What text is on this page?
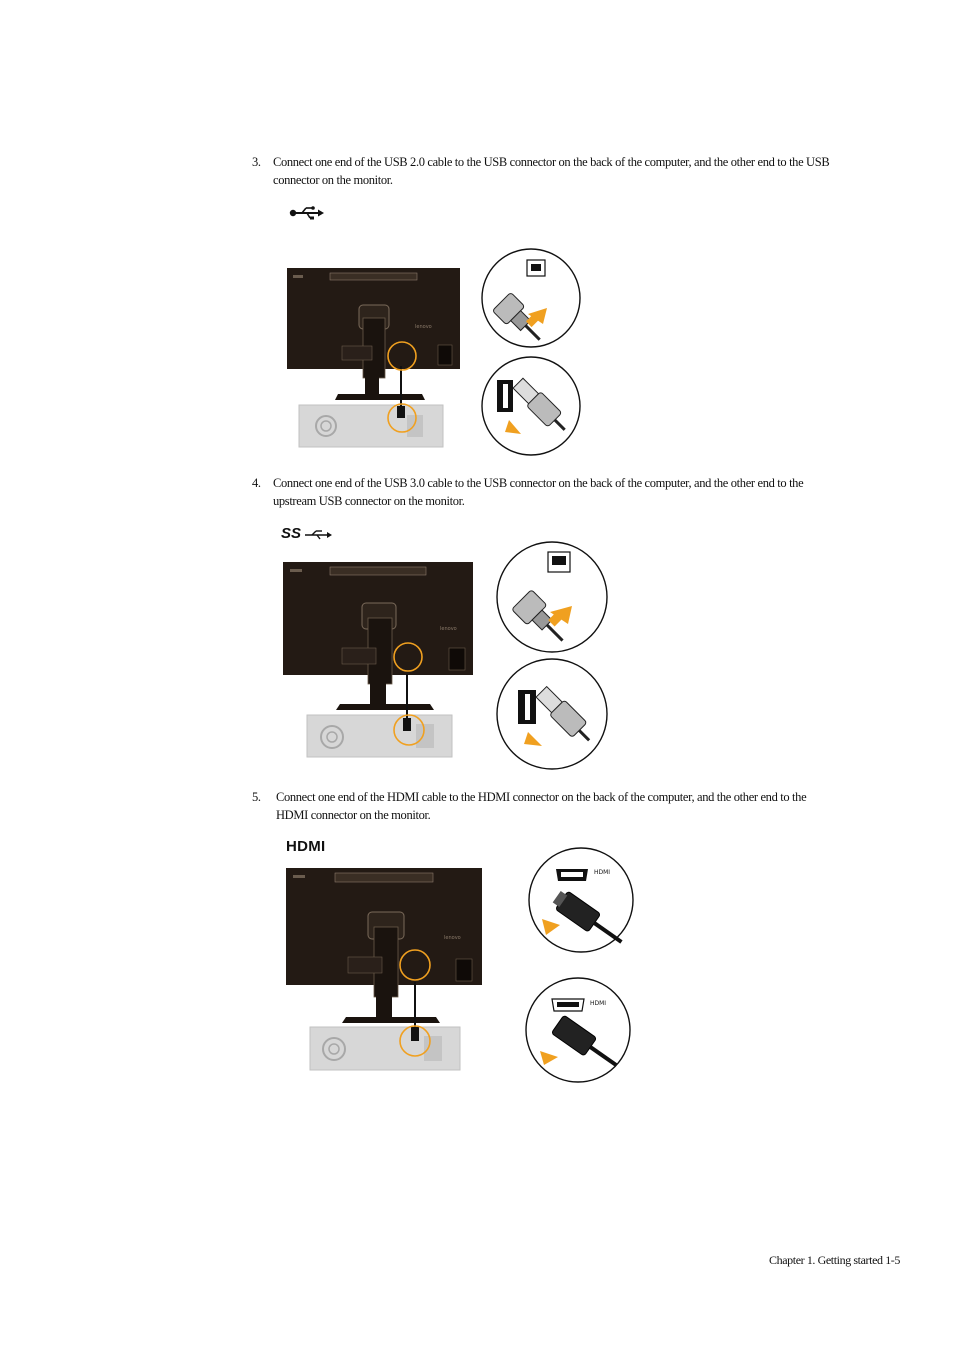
3. Connect one end of the USB 2.0 cable to the USB connector on the back of the computer, and the other end to the USB connector on the monitor.
lenovo
4. Connect one end of the USB 3.0 cable to the USB connector on the back of the computer, and the other end to the upstream USB connector on the monitor.
SS
lenovo
5. Connect one end of the HDMI cable to the HDMI connector on the back of the computer, and the other end to the HDMI connector on the monitor.
HDMI
lenovo
HDMI
HDMI
Chapter 1. Getting started 1-5
